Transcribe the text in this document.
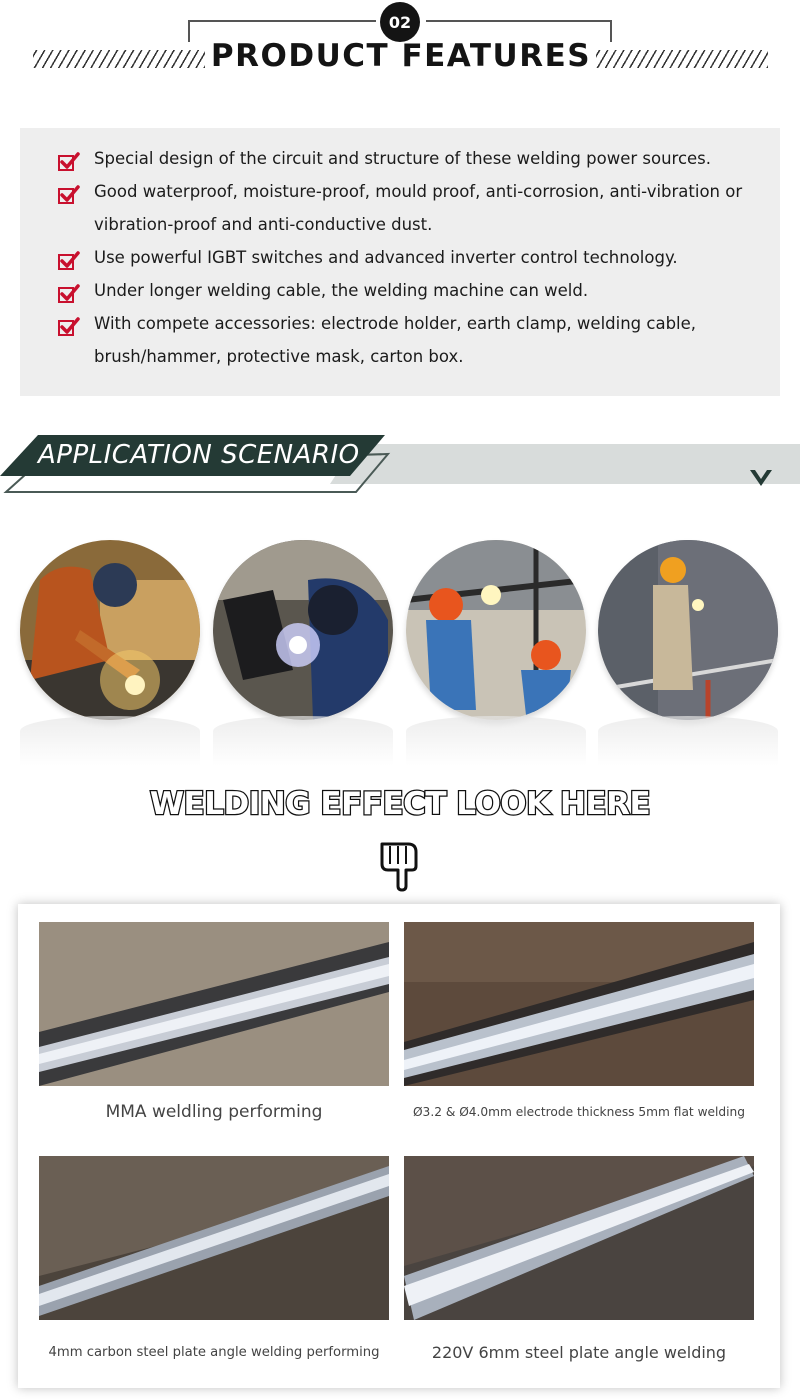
02
PRODUCT FEATURES
Special design of the circuit and structure of these welding power sources.
Good waterproof, moisture-proof, mould proof, anti-corrosion, anti-vibration or vibration-proof and anti-conductive dust.
Use powerful IGBT switches and advanced inverter control technology.
Under longer welding cable, the welding machine can weld.
With compete accessories: electrode holder, earth clamp, welding cable, brush/hammer, protective mask, carton box.
APPLICATION SCENARIO
WELDING EFFECT LOOK HERE
MMA weldling performing	Ø3.2 & Ø4.0mm electrode thickness 5mm flat welding
4mm carbon steel plate angle welding performing	220V 6mm steel plate angle welding
